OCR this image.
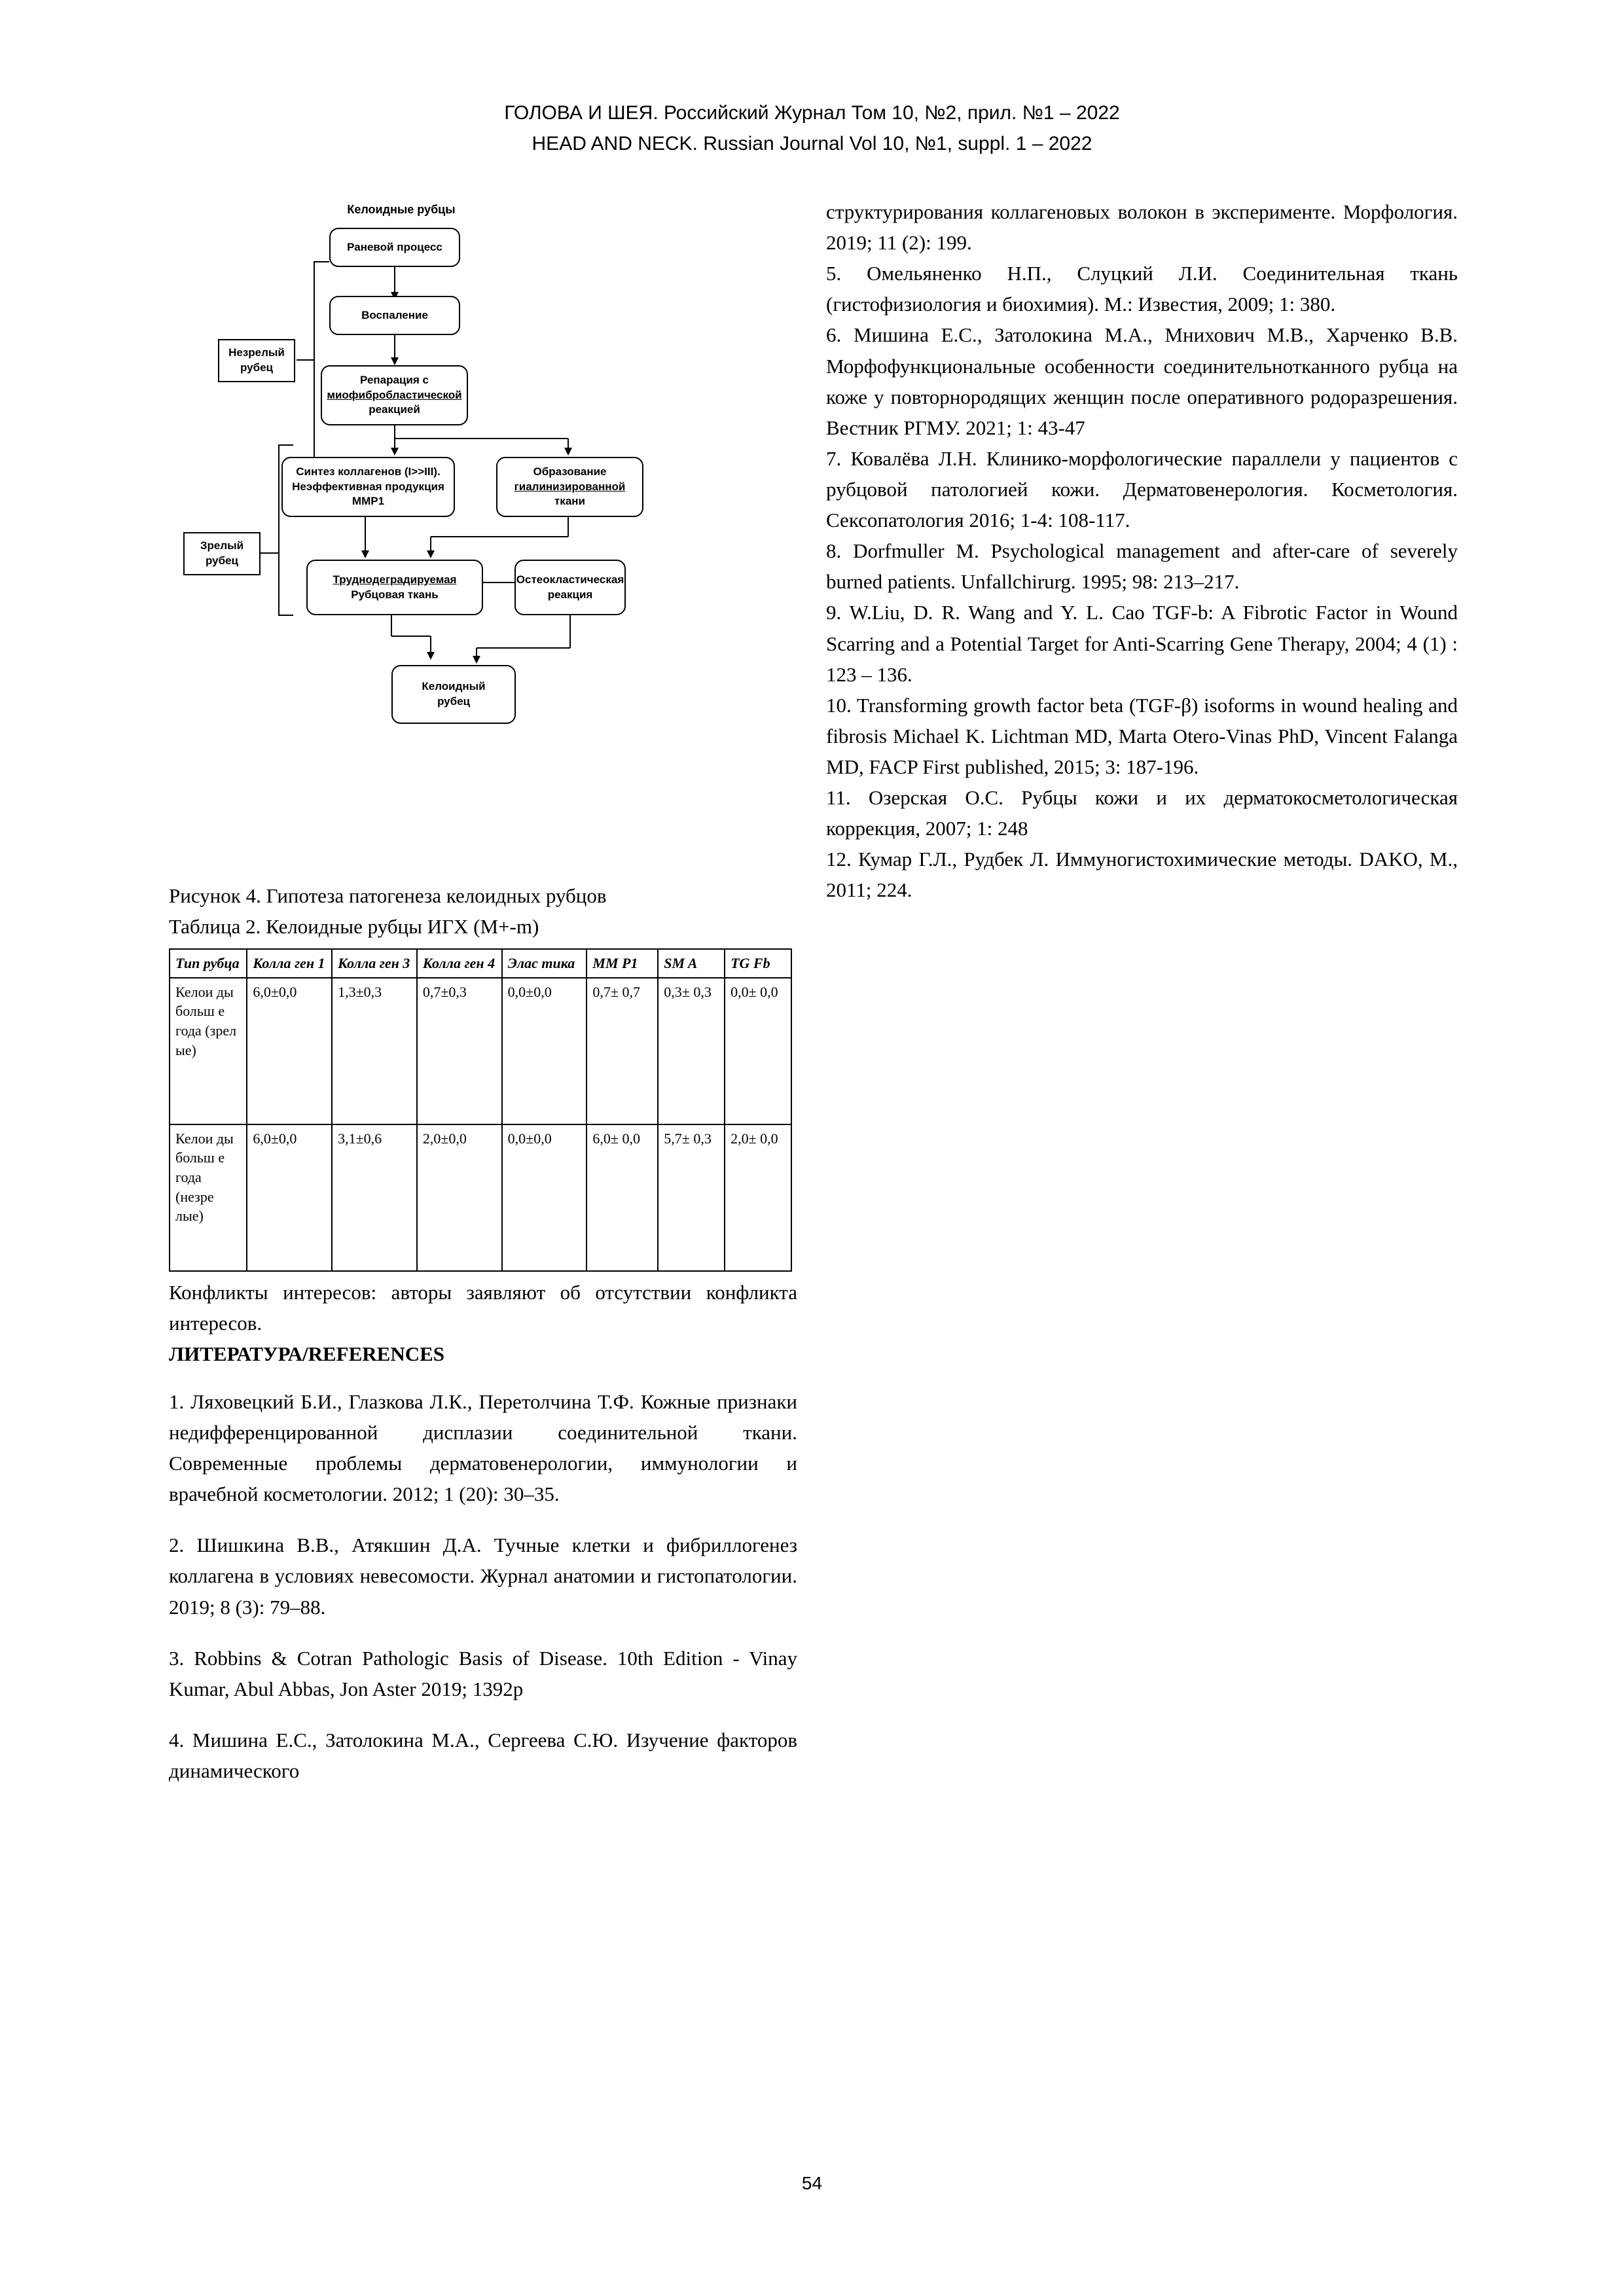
ГОЛОВА И ШЕЯ. Российский Журнал Том 10, №2, прил. №1 – 2022
HEAD AND NECK. Russian Journal Vol 10, №1, suppl. 1 – 2022
Келоидные рубцы
Раневой процесс
Воспаление
Репарация с
миофибробластической
реакцией
Синтез коллагенов (I>>III).
Неэффективная продукция
ММР1
Образование
гиалинизированной
ткани
Труднодеградируемая
Рубцовая ткань
Остеокластическая
реакция
Келоидный
рубец
Незрелый
рубец
Зрелый
рубец
Рисунок 4. Гипотеза патогенеза келоидных рубцов
Таблица 2. Келоидные рубцы ИГХ (М+-m)
Тип рубца	Колла ген 1	Колла ген 3	Колла ген 4	Элас тика	ММ Р1	SM A	TG Fb
Келои ды больш е года (зрел ые)	6,0±0,0	1,3±0,3	0,7±0,3	0,0±0,0	0,7± 0,7	0,3± 0,3	0,0± 0,0
Келои ды больш е года (незре лые)	6,0±0,0	3,1±0,6	2,0±0,0	0,0±0,0	6,0± 0,0	5,7± 0,3	2,0± 0,0
Конфликты интересов: авторы заявляют об отсутствии конфликта интересов.
ЛИТЕРАТУРА/REFERENCES

1. Ляховецкий Б.И., Глазкова Л.К., Перетолчина Т.Ф. Кожные признаки недифференцированной дисплазии соединительной ткани. Современные проблемы дерматовенерологии, иммунологии и врачебной косметологии. 2012; 1 (20): 30–35.

2. Шишкина В.В., Атякшин Д.А. Тучные клетки и фибриллогенез коллагена в условиях невесомости. Журнал анатомии и гистопатологии. 2019; 8 (3): 79–88.

3. Robbins & Cotran Pathologic Basis of Disease. 10th Edition - Vinay Kumar, Abul Abbas, Jon Aster 2019; 1392p

4. Мишина Е.С., Затолокина М.А., Сергеева С.Ю. Изучение факторов динамического

структурирования коллагеновых волокон в эксперименте. Морфология. 2019; 11 (2): 199.

5. Омельяненко Н.П., Слуцкий Л.И. Соединительная ткань (гистофизиология и биохимия). М.: Известия, 2009; 1: 380.

6. Мишина Е.С., Затолокина М.А., Мнихович М.В., Харченко В.В. Морфофункциональные особенности соединительнотканного рубца на коже у повторнородящих женщин после оперативного родоразрешения. Вестник РГМУ. 2021; 1: 43-47

7. Ковалёва Л.Н. Клинико-морфологические параллели у пациентов с рубцовой патологией кожи. Дерматовенерология. Косметология. Сексопатология 2016; 1-4: 108-117.

8. Dorfmuller M. Psychological management and after-care of severely burned patients. Unfallchirurg. 1995; 98: 213–217.

9. W.Liu, D. R. Wang and Y. L. Cao TGF-b: A Fibrotic Factor in Wound Scarring and a Potential Target for Anti-Scarring Gene Therapy, 2004; 4 (1) : 123 – 136.

10. Transforming growth factor beta (TGF-β) isoforms in wound healing and fibrosis Michael K. Lichtman MD, Marta Otero-Vinas PhD, Vincent Falanga MD, FACP First published, 2015; 3: 187-196.

11. Озерская О.С. Рубцы кожи и их дерматокосметологическая коррекция, 2007; 1: 248

12. Кумар Г.Л., Рудбек Л. Иммуногистохимические методы. DAKO, М., 2011; 224.

54
